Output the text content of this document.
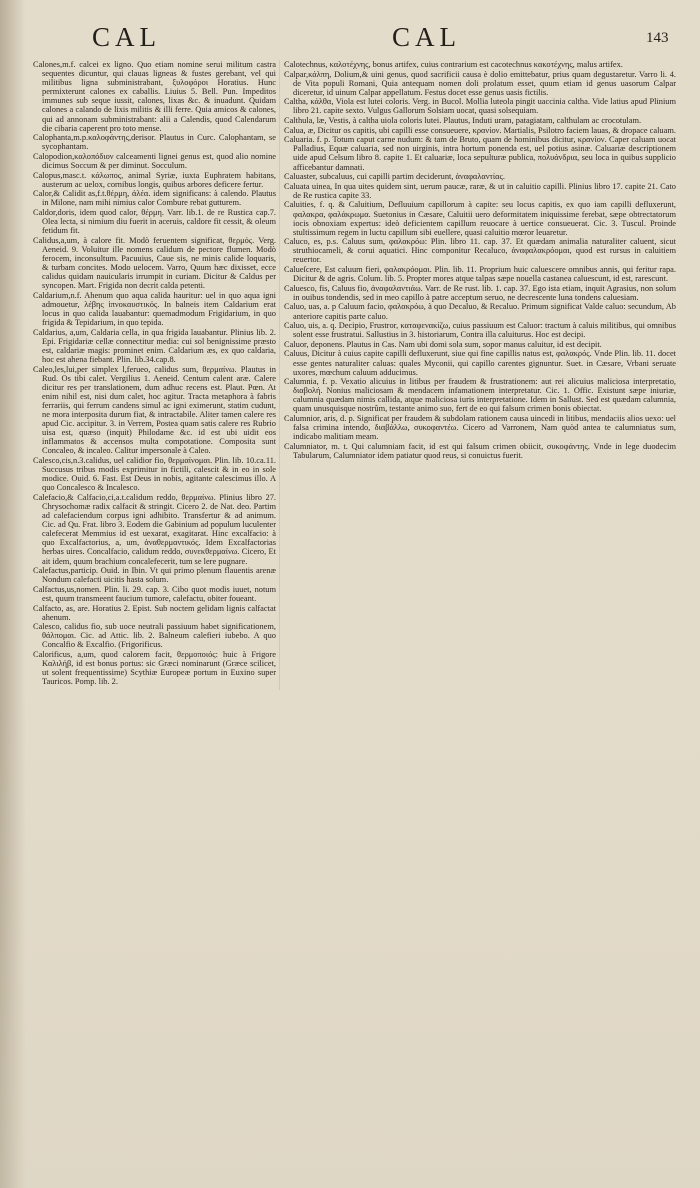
CAL	CAL	143

Calones,m.f. calcei ex ligno. Quo etiam nomine serui militum castra sequentes dicuntur, qui clauas ligneas & fustes gerebant, vel qui militibus ligna subministrabant, ξυλοφόροι Horatius. Hunc permixterunt calones ex caballis. Liuius 5. Bell. Pun. Impeditos immunes sub seque iussit, calones, lixas &c. & inuadunt. Quidam calones a calando de lixis militis & illi ferre. Quia amicos & calones, qui ad annonam subministrabant: alii a Calendis, quod Calendarum die cibaria caperent pro toto mense.

Calophanta,m.p.καλοφάντης,derisor. Plautus in Curc. Calophantam, se sycophantam.

Calopodion,καλοπόδιον calceamenti lignei genus est, quod alio nomine dicimus Soccum & per diminut. Socculum.

Calopus,masc.t. κάλωπος, animal Syriæ, iuxta Euphratem habitans, austerum ac uelox, cornibus longis, quibus arbores deficere fertur.

Calor,& Calidit as,f.t.θέρμη, ἀλέα. idem significans: à calendo. Plautus in Milone, nam mihi nimius calor Combure rebat gutturem.

Caldor,doris, idem quod calor, θέρμη. Varr. lib.1. de re Rustica cap.7. Olea lecta, si nimium diu fuerit in aceruis, caldore fit cessit, & oleum fetidum fit.

Calidus,a,um, à calore fit. Modò feruentem significat, θερμός. Verg. Aeneid. 9. Voluitur ille nomens calidum de pectore flumen. Modò ferocem, inconsultum. Pacuuius, Caue sis, ne minis calide loquaris, & turbam concites. Modo uelocem. Varro, Quum hæc dixisset, ecce calidus quidam nauicularis irrumpit in curiam. Dicitur & Caldus per syncopen. Mart. Frigida non decrit calda petenti.

Caldarium,n.f. Ahenum quo aqua calida hauritur: uel in quo aqua igni admouetur, λέβης ἰπνοκαυστικός. In balneis item Caldarium erat locus in quo calida lauabantur: quemadmodum Frigidarium, in quo frigida & Tepidarium, in quo tepida.

Caldarius, a,um, Caldaria cella, in qua frigida lauabantur. Plinius lib. 2. Epi. Frigidariæ cellæ connectitur media: cui sol benignissime præsto est, caldariæ magis: prominet enim. Caldarium æs, ex quo caldaria, hoc est ahena fiebant. Plin. lib.34.cap.8.

Caleo,les,lui,per simplex l,ferueo, calidus sum, θερμαίνω. Plautus in Rud. Os tibi calet. Vergilius 1. Aeneid. Centum calent aræ. Calere dicitur res per translationem, dum adhuc recens est. Plaut. Pœn. At enim nihil est, nisi dum calet, hoc agitur. Tracta metaphora à fabris ferrariis, qui ferrum candens simul ac igni eximerunt, statim cudunt, ne mora interposita durum fiat, & intractabile. Aliter tamen calere res apud Cic. accipitur. 3. in Verrem, Postea quam satis calere res Rubrio uisa est, quæso (inquit) Philodame &c. id est ubi uidit eos inflammatos & accensos multa compotatione. Composita sunt Concaleo, & incaleo. Calitur impersonale à Caleo.

Calesco,cis,n.3.calidus, uel calidior fio, θερμαίνομαι. Plin. lib. 10.ca.11. Succusus tribus modis exprimitur in fictili, calescit & in eo in sole modice. Ouid. 6. Fast. Est Deus in nobis, agitante calescimus illo. A quo Concalesco & Incalesco.

Calefacio,& Calfacio,ci,a.t.calidum reddo, θερμαίνω. Plinius libro 27. Chrysochomæ radix calfacit & stringit. Cicero 2. de Nat. deo. Partim ad calefaciendum corpus igni adhibito. Transfertur & ad animum. Cic. ad Qu. Frat. libro 3. Eodem die Gabinium ad populum luculenter calefecerat Memmius id est uexarat, exagitarat. Hinc excalfacio: à quo Excalfactorius, a, um, ἀναθερμαντικός. Idem Excalfactorias herbas uires. Concalfacio, calidum reddo, συνεκθερμαίνω. Cicero, Et ait idem, quum brachium concalefecerit, tum se lere pugnare.

Calefactus,particip. Ouid. in Ibin. Vt qui primo plenum flauentis arenæ Nondum calefacti uicitis hasta solum.

Calfactus,us,nomen. Plin. li. 29. cap. 3. Cibo quot modis iuuet, notum est, quum transmeent faucium tumore, calefactu, obiter foueant.

Calfacto, as, are. Horatius 2. Epist. Sub noctem gelidam lignis calfactat ahenum.

Calesco, calidus fio, sub uoce neutrali passiuum habet significationem, θάλπομαι. Cic. ad Attic. lib. 2. Balneum calefieri iubebo. A quo Concalfio & Excalfio. (Frigorificus.

Calorificus, a,um, quod calorem facit, θερμοποιός: huic à Frigore Kαλιλήβ, id est bonus portus: sic Græci nominarunt (Græce scilicet, ut solent frequentissime) Scythiæ Europeæ portum in Euxino super Tauricos. Pomp. lib. 2.

Calotechnus, καλοτέχνης, bonus artifex, cuius contrarium est cacotechnus κακοτέχνης, malus artifex.

Calpar,κάλπη, Dolium,& uini genus, quod sacrificii causa è dolio emittebatur, prius quam degustaretur. Varro li. 4. de Vita populi Romani, Quia antequam nomen doli prolatum esset, quum etiam id genus uasorum Calpar diceretur, id uinum Calpar appellatum. Festus docet esse genus uasis fictilis.

Caltha, κάλθα, Viola est lutei coloris. Verg. in Bucol. Mollia luteola pingit uaccinia caltha. Vide latius apud Plinium libro 21. capite sexto. Vulgus Gallorum Solsiam uocat, quasi solsequiam.

Calthula, læ, Vestis, à caltha uiola coloris lutei. Plautus, Induti uram, patagiatam, calthulam ac crocotulam.

Calua, æ, Dicitur os capitis, ubi capilli esse consueuere, κρανίον. Martialis, Psilotro faciem lauas, & dropace caluam.

Caluaria. f. p. Totum caput carne nudum: & tam de Bruto, quam de hominibus dicitur, κρανίον. Caper caluam uocat Palladius, Equæ caluaria, sed non uirginis, intra hortum ponenda est, uel potius asinæ. Caluariæ descriptionem uide apud Celsum libro 8. capite 1. Et caluariæ, loca sepulturæ publica, πολυάνδρια, seu loca in quibus supplicio afficebantur damnati.

Caluaster, subcaluus, cui capilli partim deciderunt, ἀναφαλαντίας.

Caluata uinea, In qua uites quidem sint, uerum paucæ, raræ, & ut in caluitio capilli. Plinius libro 17. capite 21. Cato de Re rustica capite 33.

Caluities, f. q. & Caluitium, Defluuium capillorum à capite: seu locus capitis, ex quo iam capilli defluxerunt, φαλακρα, φαλάκρωμα. Suetonius in Cæsare, Caluitii uero deformitatem iniquissime ferebat, sæpe obtrectatorum iocis obnoxiam expertus: ideò deficientem capillum reuocare à uertice consueuerat. Cic. 3. Tuscul. Proinde stultissimum regem in luctu capillum sibi euellere, quasi caluitio mœror leuaretur.

Caluco, es, p.s. Caluus sum, φαλακρόω: Plin. libro 11. cap. 37. Et quædam animalia naturaliter caluent, sicut struthiocameli, & corui aquatici. Hinc componitur Recaluco, ἀναφαλακρόομαι, quod est rursus in caluitiem reuertor.

Calueſcere, Est caluum fieri, φαλακρόομαι. Plin. lib. 11. Proprium huic caluescere omnibus annis, qui feritur rapa. Dicitur & de agris. Colum. lib. 5. Propter mores atque talpas sæpe nouella castanea caluescunt, id est, rarescunt.

Caluesco, fis, Caluus fio, ἀναφαλαντιάω. Varr. de Re rust. lib. 1. cap. 37. Ego ista etiam, inquit Agrasius, non solum in ouibus tondendis, sed in meo capillo à patre acceptum seruo, ne decrescente luna tondens caluesiam.

Caluo, uas, a. p Caluum facio, φαλακρόω, à quo Decaluo, & Recaluo. Primum significat Valde caluo: secundum, Ab anteriore capitis parte caluo.

Caluo, uis, a. q. Decipio, Frustror, καταφενακίζω, cuius passiuum est Caluor: tractum à caluis militibus, qui omnibus solent esse frustratui. Sallustius in 3. historiarum, Contra illa caluiturus. Hoc est decipi.

Caluor, deponens. Plautus in Cas. Nam ubi domi sola sum, sopor manus caluitur, id est decipit.

Caluus, Dicitur à cuius capite capilli defluxerunt, siue qui fine capillis natus est, φαλακρός. Vnde Plin. lib. 11. docet esse gentes naturaliter caluas: quales Myconii, qui capillo carentes gignuntur. Suet. in Cæsare, Vrbani seruate uxores, mœchum caluum adducimus.

Calumnia, f. p. Vexatio alicuius in litibus per fraudem & frustrationem: aut rei alicuius maliciosa interpretatio, διαβολή. Nonius maliciosam & mendacem infamationem interpretatur. Cic. 1. Offic. Existunt sæpe iniuriæ, calumnia quædam nimis callida, atque maliciosa iuris interpretatione. Idem in Sallust. Sed est quædam calumnia, quam unusquisque nostrûm, testante animo suo, fert de eo qui falsum crimen bonis obiectat.

Calumnior, aris, d. p. Significat per fraudem & subdolam rationem causa uincedi in litibus, mendaciis alios uexo: uel falsa crimina intendo, διαβάλλω, συκοφαντέω. Cicero ad Varronem, Nam quòd antea te calumniatus sum, indicabo malitiam meam.

Calumniator, m. t. Qui calumniam facit, id est qui falsum crimen obiicit, συκοφάντης. Vnde in lege duodecim Tabularum, Calumniator idem patiatur quod reus, si conuictus fuerit.
